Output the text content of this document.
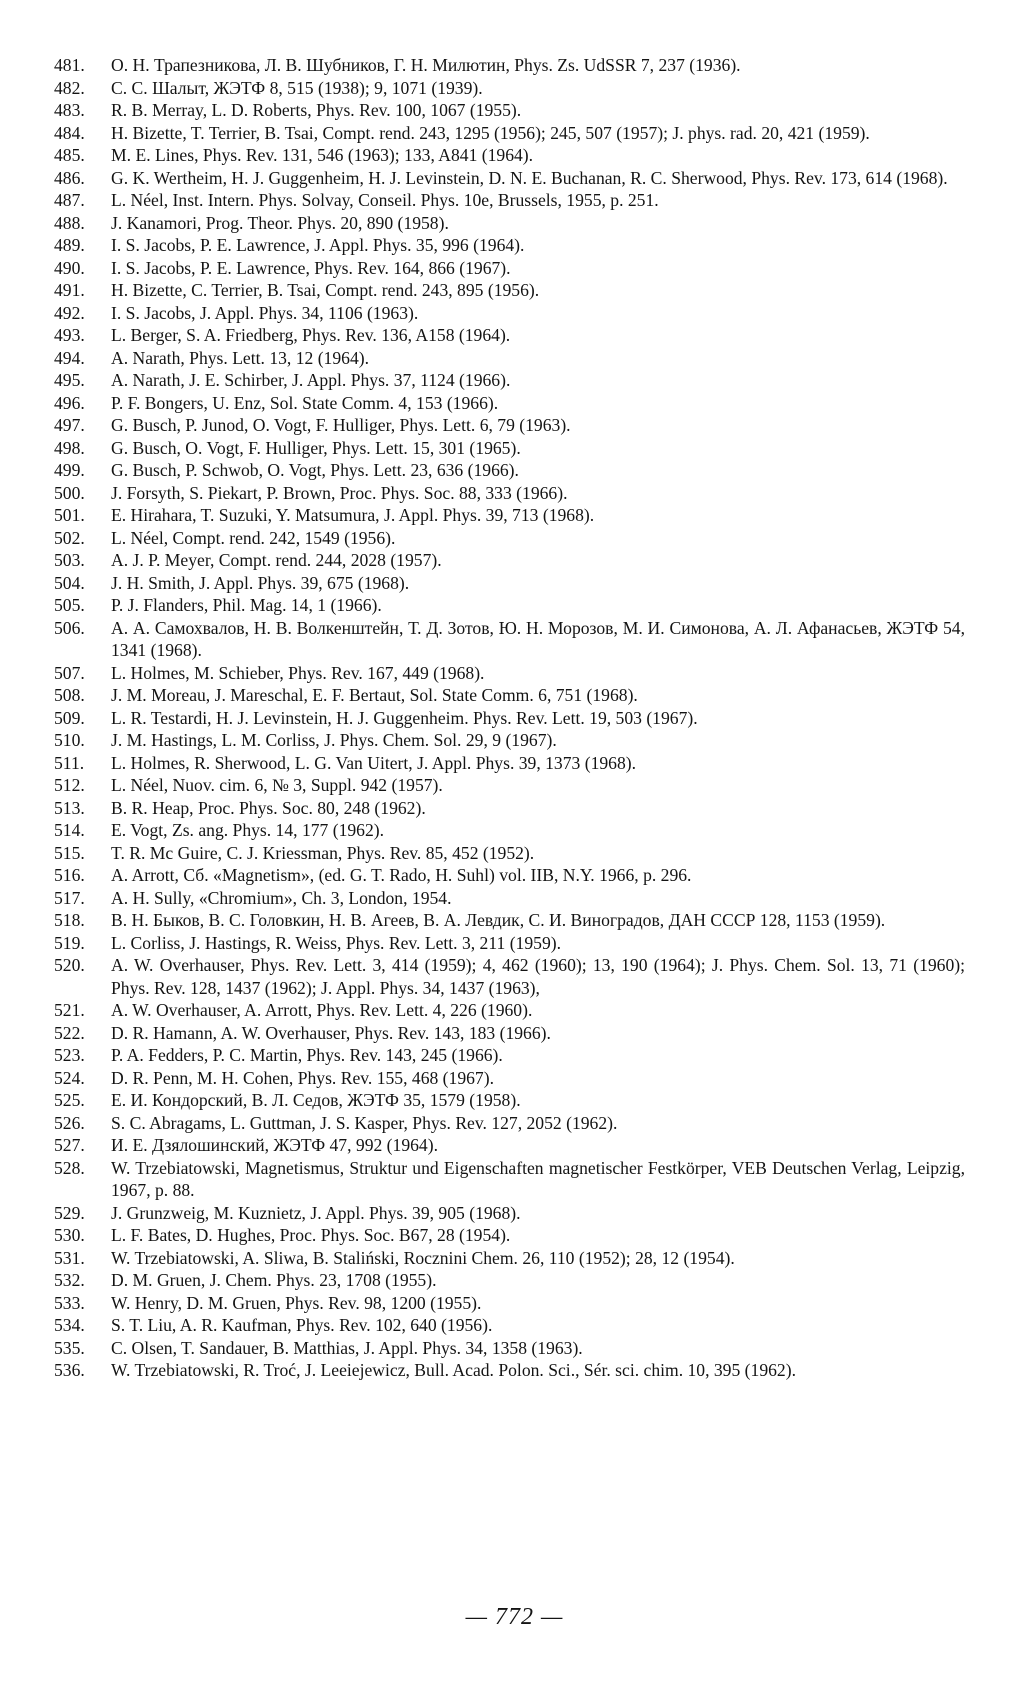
481.	О. Н. Трапезникова, Л. В. Шубников, Г. Н. Милютин, Phys. Zs. UdSSR 7, 237 (1936).
482.	С. С. Шалыт, ЖЭТФ 8, 515 (1938); 9, 1071 (1939).
483.	R. B. Merray, L. D. Roberts, Phys. Rev. 100, 1067 (1955).
484.	H. Bizette, T. Terrier, B. Tsai, Compt. rend. 243, 1295 (1956); 245, 507 (1957); J. phys. rad. 20, 421 (1959).
485.	M. E. Lines, Phys. Rev. 131, 546 (1963); 133, A841 (1964).
486.	G. K. Wertheim, H. J. Guggenheim, H. J. Levinstein, D. N. E. Buchanan, R. C. Sherwood, Phys. Rev. 173, 614 (1968).
487.	L. Néel, Inst. Intern. Phys. Solvay, Conseil. Phys. 10e, Brussels, 1955, p. 251.
488.	J. Kanamori, Prog. Theor. Phys. 20, 890 (1958).
489.	I. S. Jacobs, P. E. Lawrence, J. Appl. Phys. 35, 996 (1964).
490.	I. S. Jacobs, P. E. Lawrence, Phys. Rev. 164, 866 (1967).
491.	H. Bizette, C. Terrier, B. Tsai, Compt. rend. 243, 895 (1956).
492.	I. S. Jacobs, J. Appl. Phys. 34, 1106 (1963).
493.	L. Berger, S. A. Friedberg, Phys. Rev. 136, A158 (1964).
494.	A. Narath, Phys. Lett. 13, 12 (1964).
495.	A. Narath, J. E. Schirber, J. Appl. Phys. 37, 1124 (1966).
496.	P. F. Bongers, U. Enz, Sol. State Comm. 4, 153 (1966).
497.	G. Busch, P. Junod, O. Vogt, F. Hulliger, Phys. Lett. 6, 79 (1963).
498.	G. Busch, O. Vogt, F. Hulliger, Phys. Lett. 15, 301 (1965).
499.	G. Busch, P. Schwob, O. Vogt, Phys. Lett. 23, 636 (1966).
500.	J. Forsyth, S. Piekart, P. Brown, Proc. Phys. Soc. 88, 333 (1966).
501.	E. Hirahara, T. Suzuki, Y. Matsumura, J. Appl. Phys. 39, 713 (1968).
502.	L. Néel, Compt. rend. 242, 1549 (1956).
503.	A. J. P. Meyer, Compt. rend. 244, 2028 (1957).
504.	J. H. Smith, J. Appl. Phys. 39, 675 (1968).
505.	P. J. Flanders, Phil. Mag. 14, 1 (1966).
506.	А. А. Самохвалов, Н. В. Волкенштейн, Т. Д. Зотов, Ю. Н. Морозов, М. И. Симонова, А. Л. Афанасьев, ЖЭТФ 54, 1341 (1968).
507.	L. Holmes, M. Schieber, Phys. Rev. 167, 449 (1968).
508.	J. M. Moreau, J. Mareschal, E. F. Bertaut, Sol. State Comm. 6, 751 (1968).
509.	L. R. Testardi, H. J. Levinstein, H. J. Guggenheim. Phys. Rev. Lett. 19, 503 (1967).
510.	J. M. Hastings, L. M. Corliss, J. Phys. Chem. Sol. 29, 9 (1967).
511.	L. Holmes, R. Sherwood, L. G. Van Uitert, J. Appl. Phys. 39, 1373 (1968).
512.	L. Néel, Nuov. cim. 6, № 3, Suppl. 942 (1957).
513.	B. R. Heap, Proc. Phys. Soc. 80, 248 (1962).
514.	E. Vogt, Zs. ang. Phys. 14, 177 (1962).
515.	T. R. Mc Guire, C. J. Kriessman, Phys. Rev. 85, 452 (1952).
516.	A. Arrott, Сб. «Magnetism», (ed. G. T. Rado, H. Suhl) vol. IIB, N.Y. 1966, p. 296.
517.	A. H. Sully, «Chromium», Ch. 3, London, 1954.
518.	В. Н. Быков, В. С. Головкин, Н. В. Агеев, В. А. Левдик, С. И. Виноградов, ДАН СССР 128, 1153 (1959).
519.	L. Corliss, J. Hastings, R. Weiss, Phys. Rev. Lett. 3, 211 (1959).
520.	A. W. Overhauser, Phys. Rev. Lett. 3, 414 (1959); 4, 462 (1960); 13, 190 (1964); J. Phys. Chem. Sol. 13, 71 (1960); Phys. Rev. 128, 1437 (1962); J. Appl. Phys. 34, 1437 (1963),
521.	A. W. Overhauser, A. Arrott, Phys. Rev. Lett. 4, 226 (1960).
522.	D. R. Hamann, A. W. Overhauser, Phys. Rev. 143, 183 (1966).
523.	P. A. Fedders, P. C. Martin, Phys. Rev. 143, 245 (1966).
524.	D. R. Penn, M. H. Cohen, Phys. Rev. 155, 468 (1967).
525.	Е. И. Кондорский, В. Л. Седов, ЖЭТФ 35, 1579 (1958).
526.	S. C. Abragams, L. Guttman, J. S. Kasper, Phys. Rev. 127, 2052 (1962).
527.	И. Е. Дзялошинский, ЖЭТФ 47, 992 (1964).
528.	W. Trzebiatowski, Magnetismus, Struktur und Eigenschaften magnetischer Festkörper, VEB Deutschen Verlag, Leipzig, 1967, p. 88.
529.	J. Grunzweig, M. Kuznietz, J. Appl. Phys. 39, 905 (1968).
530.	L. F. Bates, D. Hughes, Proc. Phys. Soc. B67, 28 (1954).
531.	W. Trzebiatowski, A. Sliwa, B. Staliński, Rocznini Chem. 26, 110 (1952); 28, 12 (1954).
532.	D. M. Gruen, J. Chem. Phys. 23, 1708 (1955).
533.	W. Henry, D. M. Gruen, Phys. Rev. 98, 1200 (1955).
534.	S. T. Liu, A. R. Kaufman, Phys. Rev. 102, 640 (1956).
535.	C. Olsen, T. Sandauer, B. Matthias, J. Appl. Phys. 34, 1358 (1963).
536.	W. Trzebiatowski, R. Troć, J. Leeiejewicz, Bull. Acad. Polon. Sci., Sér. sci. chim. 10, 395 (1962).
— 772 —
